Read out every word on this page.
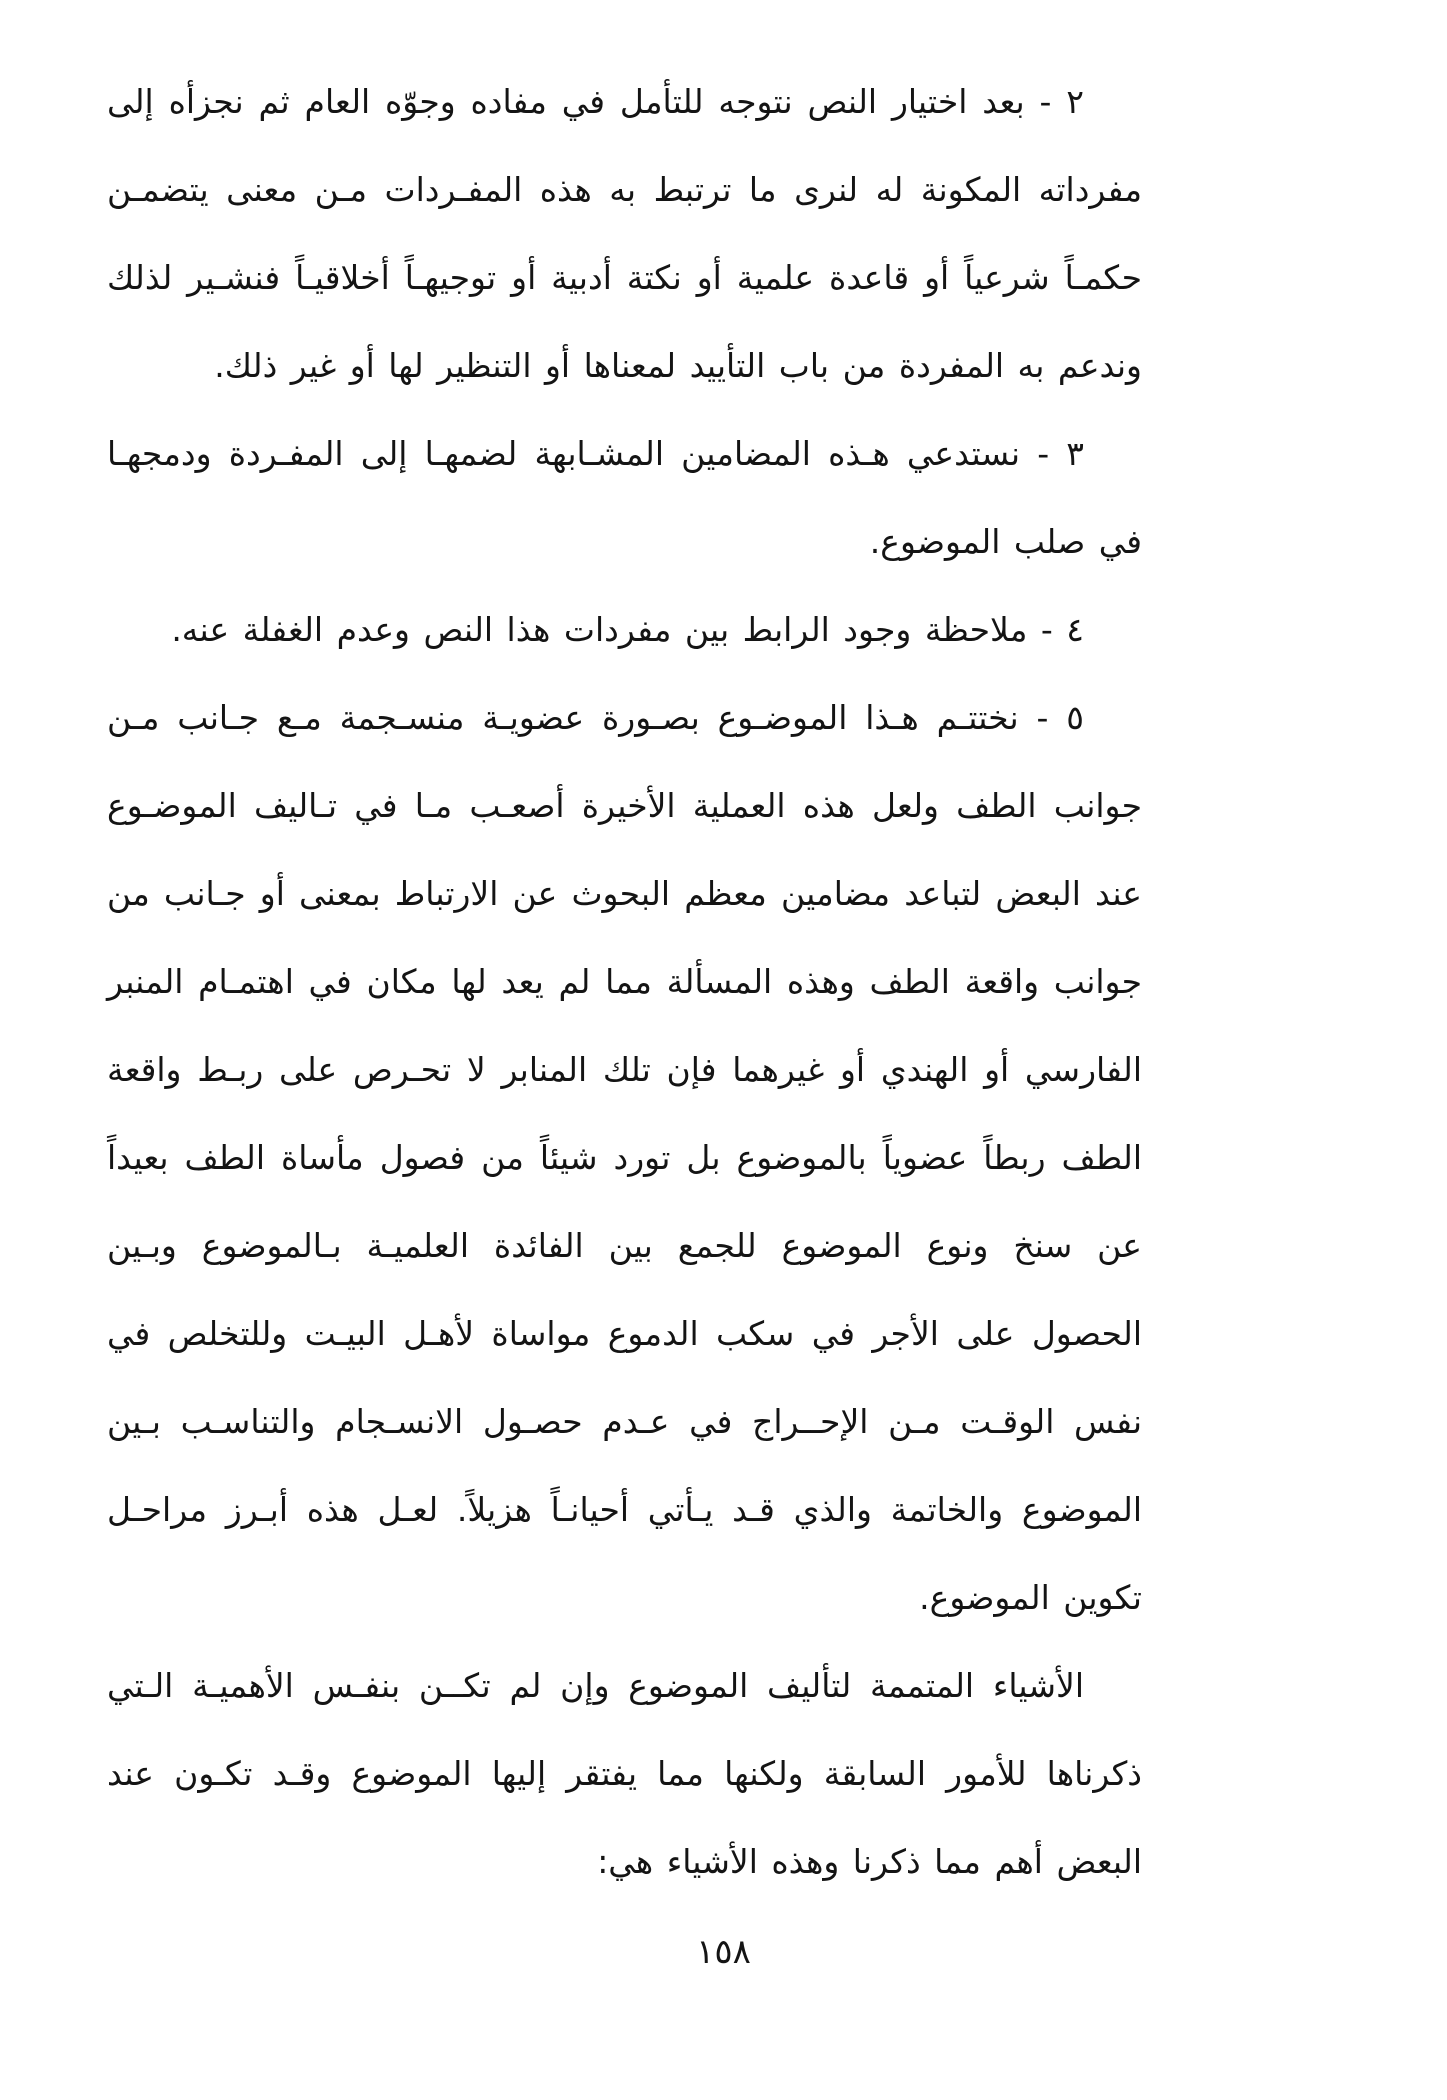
٢ - بعد اختيار النص نتوجه للتأمل في مفاده وجوّه العام ثم نجزأه إلى مفرداته المكونة له لنرى ما ترتبط به هذه المفـردات مـن معنى يتضمـن حكمـاً شرعياً أو قاعدة علمية أو نكتة أدبية أو توجيهـاً أخلاقيـاً فنشـير لذلك وندعم به المفردة من باب التأييد لمعناها أو التنظير لها أو غير ذلك.

٣ - نستدعي هـذه المضامين المشـابهة لضمهـا إلى المفـردة ودمجهـا في صلب الموضوع.

٤ - ملاحظة وجود الرابط بين مفردات هذا النص وعدم الغفلة عنه.

٥ - نختتـم هـذا الموضـوع بصـورة عضويـة منسـجمة مـع جـانب مـن جوانب الطف ولعل هذه العملية الأخيرة أصعـب مـا في تـاليف الموضـوع عند البعض لتباعد مضامين معظم البحوث عن الارتباط بمعنى أو جـانب من جوانب واقعة الطف وهذه المسألة مما لم يعد لها مكان في اهتمـام المنبر الفارسي أو الهندي أو غيرهما فإن تلك المنابر لا تحـرص على ربـط واقعة الطف ربطاً عضوياً بالموضوع بل تورد شيئاً من فصول مأساة الطف بعيداً عن سنخ ونوع الموضوع للجمع بين الفائدة العلميـة بـالموضوع وبـين الحصول على الأجر في سكب الدموع مواساة لأهـل البيـت وللتخلص في نفس الوقـت مـن الإحــراج في عـدم حصـول الانسـجام والتناسـب بـين الموضوع والخاتمة والذي قـد يـأتي أحيانـاً هزيلاً. لعـل هذه أبـرز مراحـل تكوين الموضوع.

الأشياء المتممة لتأليف الموضوع وإن لم تكــن بنفـس الأهميـة الـتي ذكرناها للأمور السابقة ولكنها مما يفتقر إليها الموضوع وقـد تكـون عند البعض أهم مما ذكرنا وهذه الأشياء هي:

١٥٨
